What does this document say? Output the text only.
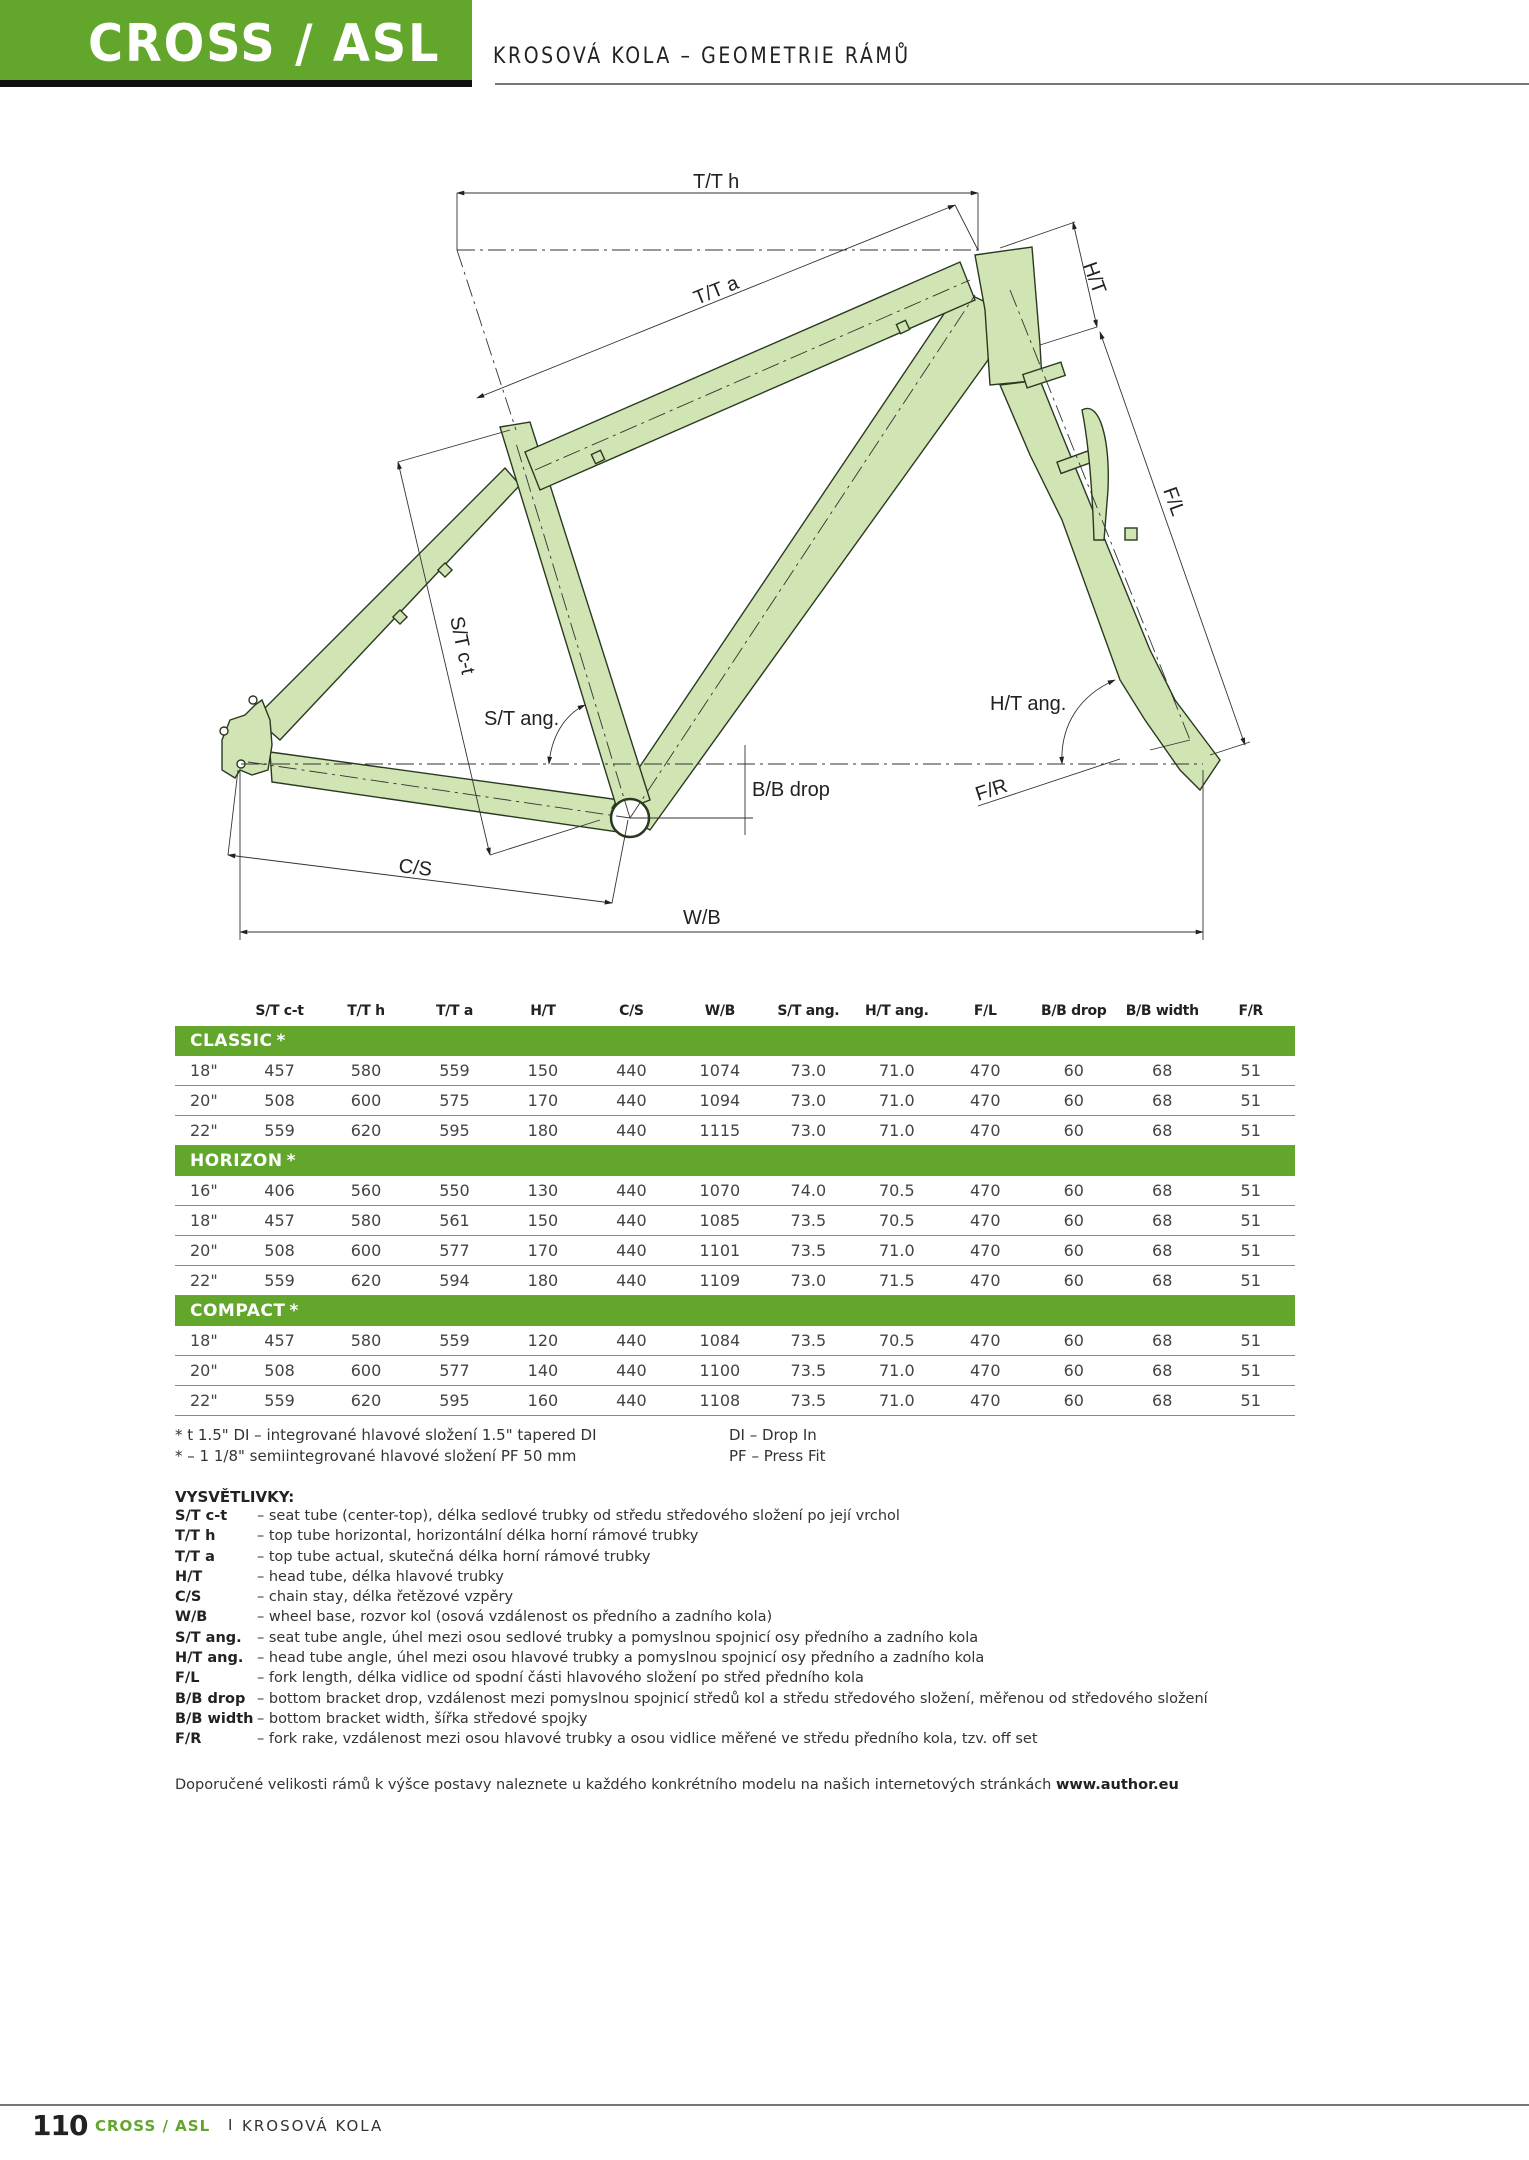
CROSS / ASL KROSOVÁ KOLA – GEOMETRIE RÁMŮ
T/T h
T/T a	H/T
F/L
S/T c-t
S/T ang.
H/T ang.
B/B drop	F/R
C/S
W/B
	S/T c-t	T/T h	T/T a	H/T	C/S	W/B	S/T ang.	H/T ang.	F/L	B/B drop	B/B width	F/R
CLASSIC *												
18"	457	580	559	150	440	1074	73.0	71.0	470	60	68	51
20"	508	600	575	170	440	1094	73.0	71.0	470	60	68	51
22"	559	620	595	180	440	1115	73.0	71.0	470	60	68	51
HORIZON *												
16"	406	560	550	130	440	1070	74.0	70.5	470	60	68	51
18"	457	580	561	150	440	1085	73.5	70.5	470	60	68	51
20"	508	600	577	170	440	1101	73.5	71.0	470	60	68	51
22"	559	620	594	180	440	1109	73.0	71.5	470	60	68	51
COMPACT *												
18"	457	580	559	120	440	1084	73.5	70.5	470	60	68	51
20"	508	600	577	140	440	1100	73.5	71.0	470	60	68	51
22"	559	620	595	160	440	1108	73.5	71.0	470	60	68	51
* t 1.5" DI – integrované hlavové složení 1.5" tapered DI	DI – Drop In
* – 1 1/8" semiintegrované hlavové složení PF 50 mm	PF – Press Fit
VYSVĚTLIVKY:
S/T c-t – seat tube (center-top), délka sedlové trubky od středu středového složení po její vrchol
T/T h	– top tube horizontal, horizontální délka horní rámové trubky
T/T a	– top tube actual, skutečná délka horní rámové trubky
H/T	– head tube, délka hlavové trubky
C/S	– chain stay, délka řetězové vzpěry
W/B	– wheel base, rozvor kol (osová vzdálenost os předního a zadního kola)
S/T ang. – seat tube angle, úhel mezi osou sedlové trubky a pomyslnou spojnicí osy předního a zadního kola
H/T ang. – head tube angle, úhel mezi osou hlavové trubky a pomyslnou spojnicí osy předního a zadního kola
F/L	– fork length, délka vidlice od spodní části hlavového složení po střed předního kola
B/B drop – bottom bracket drop, vzdálenost mezi pomyslnou spojnicí středů kol a středu středového složení, měřenou od středového složení
B/B width – bottom bracket width, šířka středové spojky
F/R	– fork rake, vzdálenost mezi osou hlavové trubky a osou vidlice měřené ve středu předního kola, tzv. off set
Doporučené velikosti rámů k výšce postavy naleznete u každého konkrétního modelu na našich internetových stránkách www.author.eu
110 CROSS / ASL I KROSOVÁ KOLA
